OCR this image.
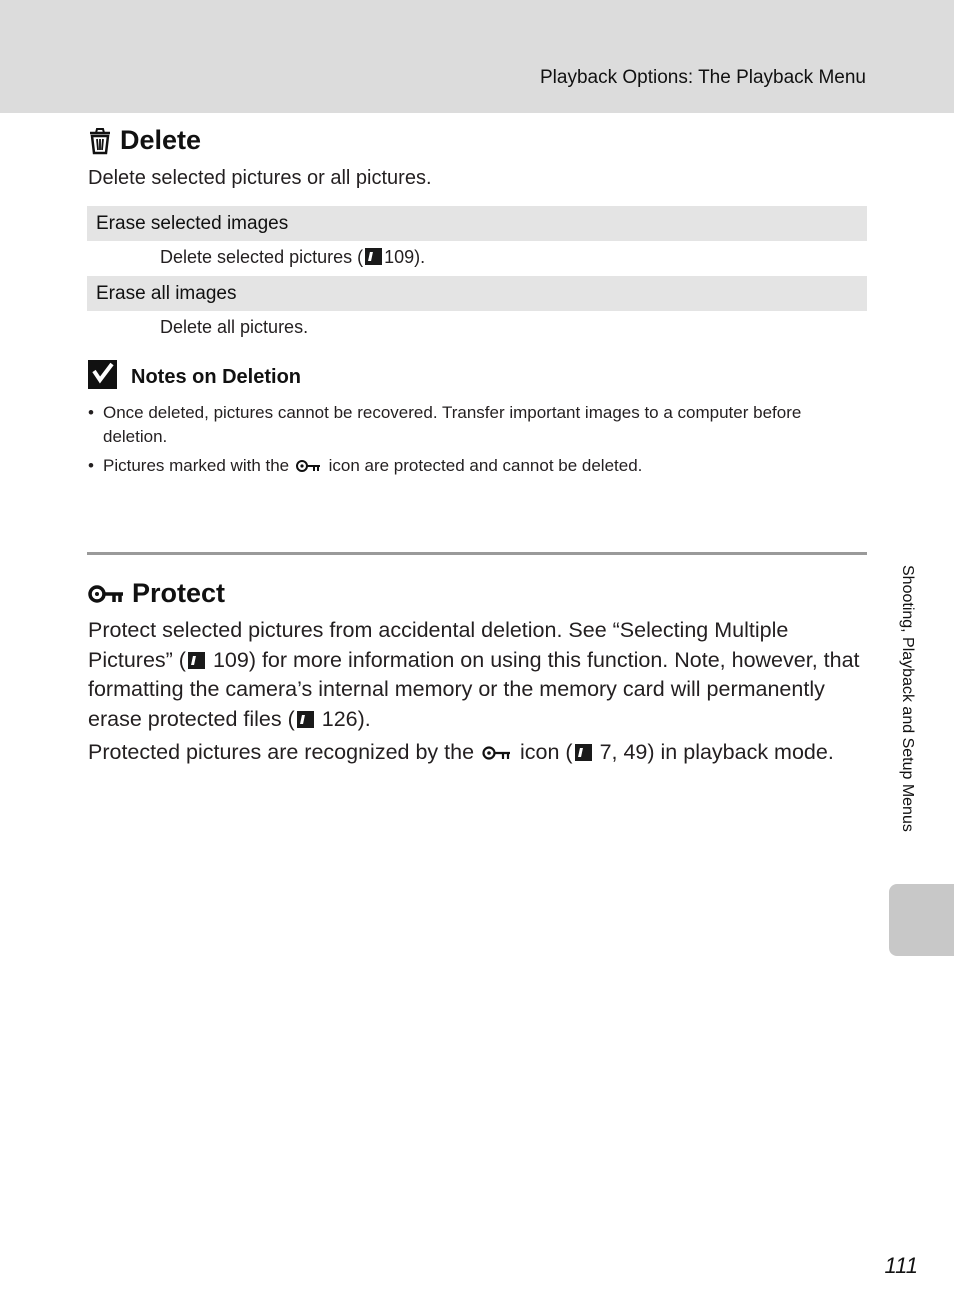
Playback Options: The Playback Menu
Delete
Delete selected pictures or all pictures.
Erase selected images
Delete selected pictures ( 109).
Erase all images
Delete all pictures.
Notes on Deletion
• Once deleted, pictures cannot be recovered. Transfer important images to a computer before deletion.
• Pictures marked with the icon are protected and cannot be deleted.
Protect

Protect selected pictures from accidental deletion. See “Selecting Multiple Pictures” ( 109) for more information on using this function. Note, however, that formatting the camera’s internal memory or the memory card will permanently erase protected files ( 126).

Protected pictures are recognized by the icon ( 7, 49) in playback mode.	Shooting, Playback and Setup Menus
111
